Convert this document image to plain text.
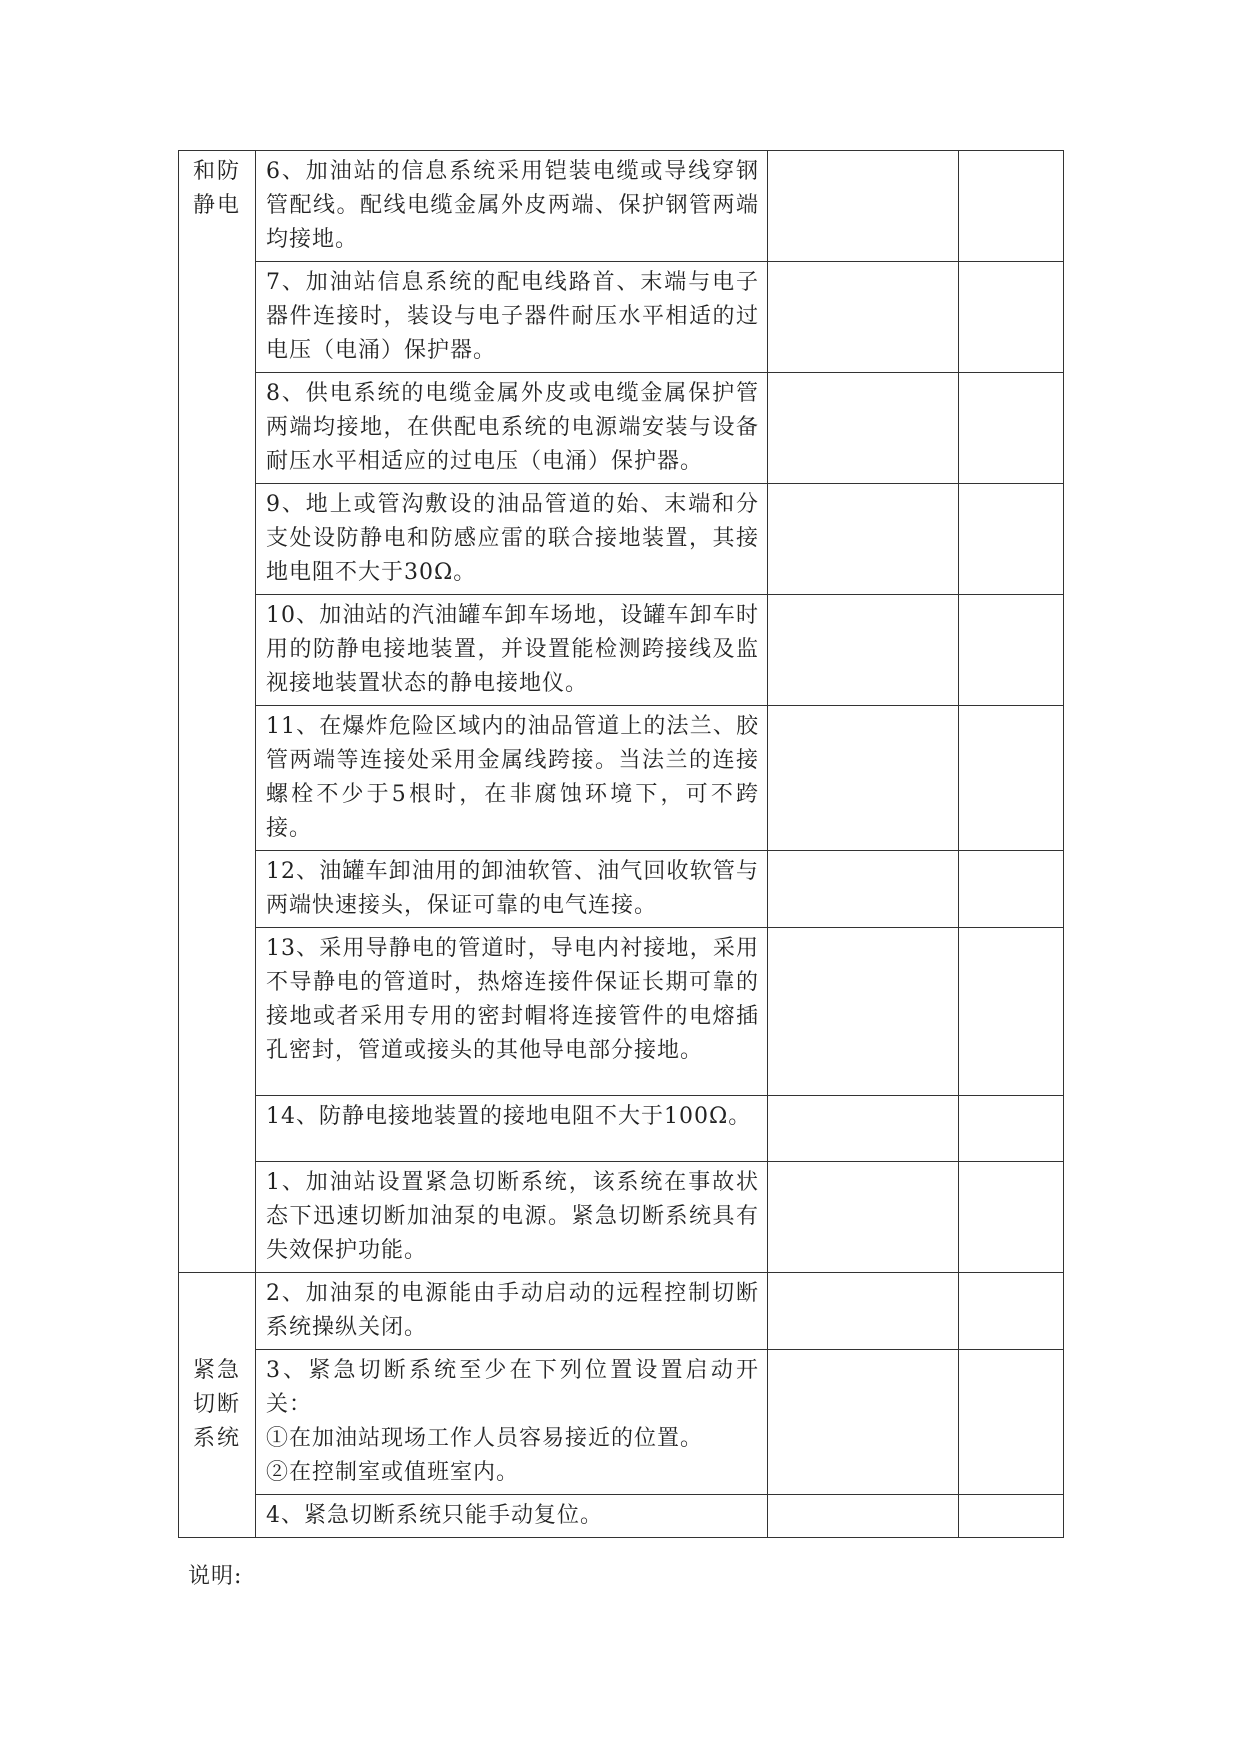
和防静电	6、加油站的信息系统采用铠装电缆或导线穿钢管配线。配线电缆金属外皮两端、保护钢管两端均接地。		
	7、加油站信息系统的配电线路首、末端与电子器件连接时，装设与电子器件耐压水平相适的过电压（电涌）保护器。		
	8、供电系统的电缆金属外皮或电缆金属保护管两端均接地，在供配电系统的电源端安装与设备耐压水平相适应的过电压（电涌）保护器。		
	9、地上或管沟敷设的油品管道的始、末端和分支处设防静电和防感应雷的联合接地装置，其接地电阻不大于30Ω。		
	10、加油站的汽油罐车卸车场地，设罐车卸车时用的防静电接地装置，并设置能检测跨接线及监视接地装置状态的静电接地仪。		
	11、在爆炸危险区域内的油品管道上的法兰、胶管两端等连接处采用金属线跨接。当法兰的连接螺栓不少于5根时，在非腐蚀环境下，可不跨接。		
	12、油罐车卸油用的卸油软管、油气回收软管与两端快速接头，保证可靠的电气连接。		
	13、采用导静电的管道时，导电内衬接地，采用不导静电的管道时，热熔连接件保证长期可靠的接地或者采用专用的密封帽将连接管件的电熔插孔密封，管道或接头的其他导电部分接地。		
	14、防静电接地装置的接地电阻不大于100Ω。		
	1、加油站设置紧急切断系统，该系统在事故状态下迅速切断加油泵的电源。紧急切断系统具有失效保护功能。		
紧急切断系统	2、加油泵的电源能由手动启动的远程控制切断系统操纵关闭。		
	3、紧急切断系统至少在下列位置设置启动开关：
①在加油站现场工作人员容易接近的位置。
②在控制室或值班室内。		
	4、紧急切断系统只能手动复位。		
说明:
